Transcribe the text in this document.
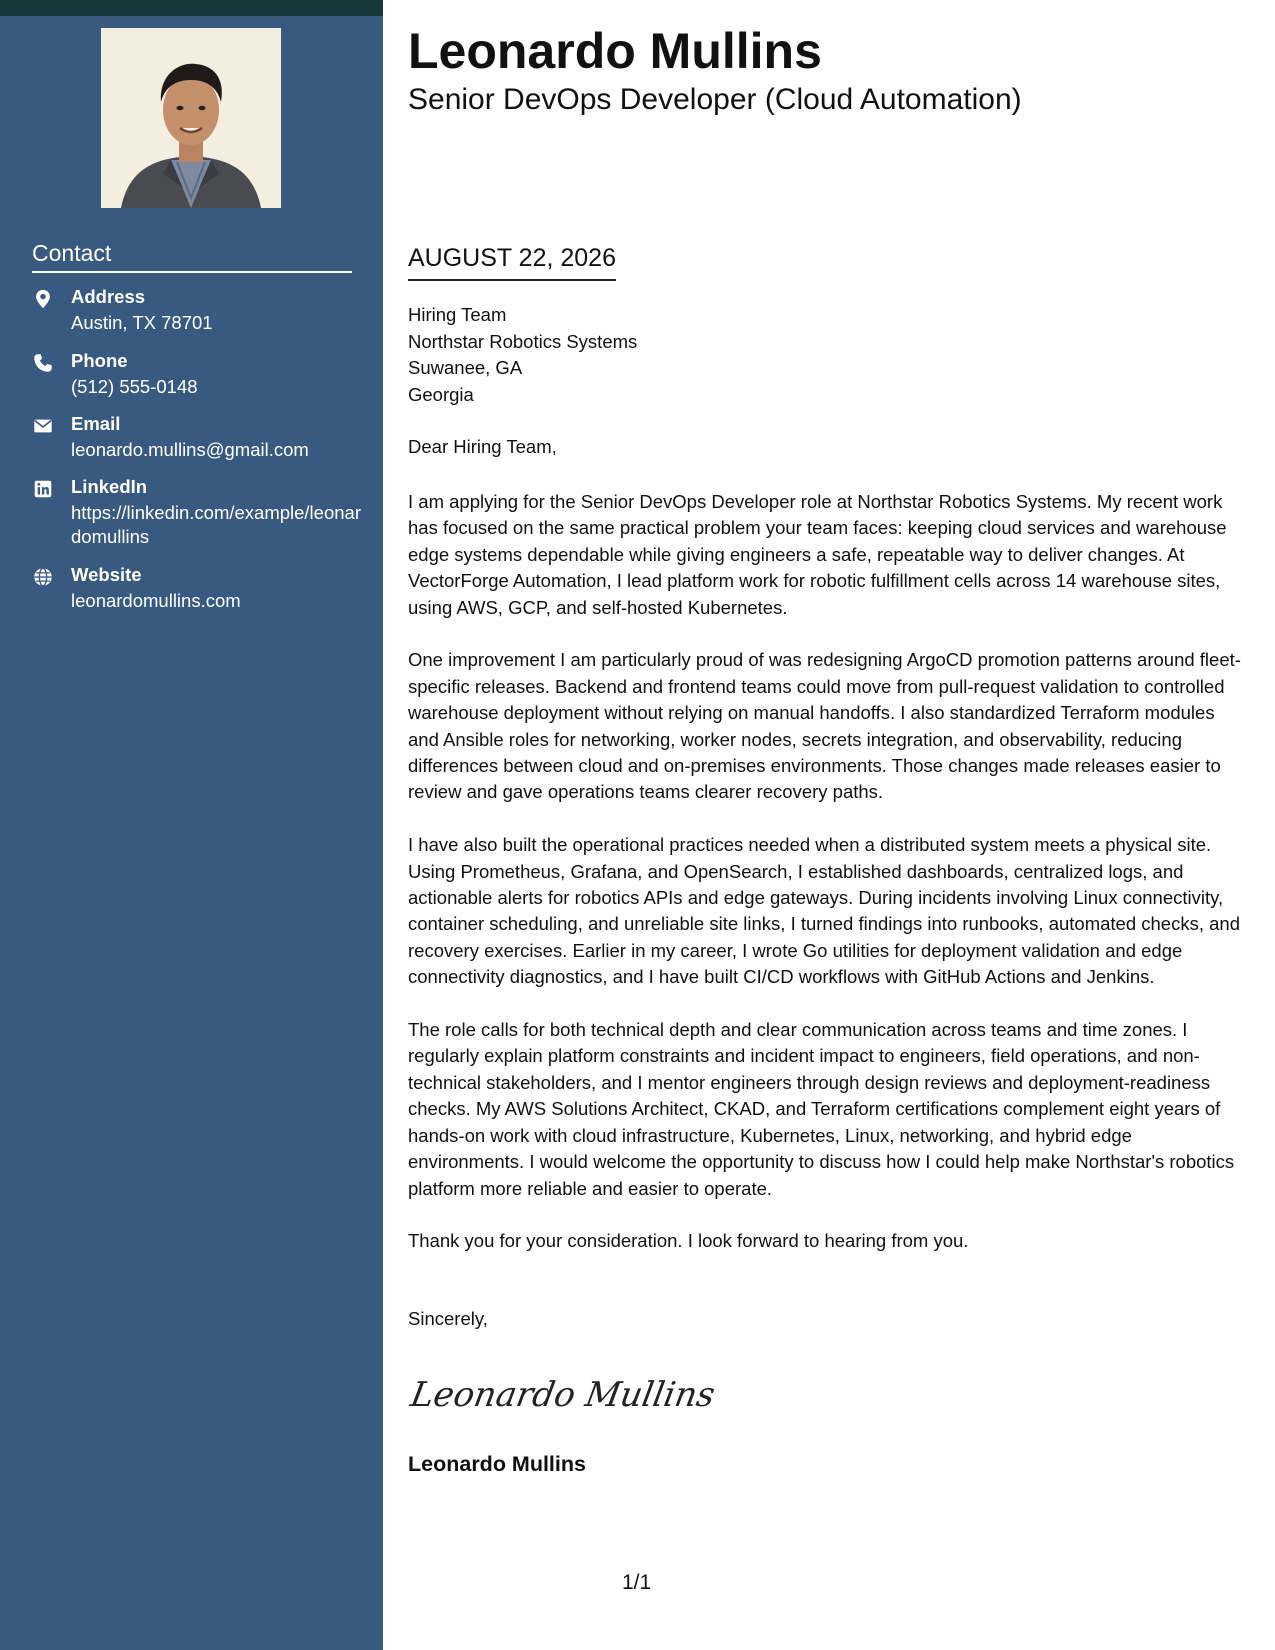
Contact
Address
Austin, TX 78701
Phone
(512) 555-0148
Email
leonardo.mullins@gmail.com
LinkedIn
https://linkedin.com/example/leonardomullins
Website
leonardomullins.com
Leonardo Mullins
Senior DevOps Developer (Cloud Automation)
AUGUST 22, 2026
Hiring Team
Northstar Robotics Systems
Suwanee, GA
Georgia
Dear Hiring Team,

I am applying for the Senior DevOps Developer role at Northstar Robotics Systems. My recent work has focused on the same practical problem your team faces: keeping cloud services and warehouse edge systems dependable while giving engineers a safe, repeatable way to deliver changes. At VectorForge Automation, I lead platform work for robotic fulfillment cells across 14 warehouse sites, using AWS, GCP, and self-hosted Kubernetes.

One improvement I am particularly proud of was redesigning ArgoCD promotion patterns around fleet-specific releases. Backend and frontend teams could move from pull-request validation to controlled warehouse deployment without relying on manual handoffs. I also standardized Terraform modules and Ansible roles for networking, worker nodes, secrets integration, and observability, reducing differences between cloud and on-premises environments. Those changes made releases easier to review and gave operations teams clearer recovery paths.

I have also built the operational practices needed when a distributed system meets a physical site. Using Prometheus, Grafana, and OpenSearch, I established dashboards, centralized logs, and actionable alerts for robotics APIs and edge gateways. During incidents involving Linux connectivity, container scheduling, and unreliable site links, I turned findings into runbooks, automated checks, and recovery exercises. Earlier in my career, I wrote Go utilities for deployment validation and edge connectivity diagnostics, and I have built CI/CD workflows with GitHub Actions and Jenkins.

The role calls for both technical depth and clear communication across teams and time zones. I regularly explain platform constraints and incident impact to engineers, field operations, and non-technical stakeholders, and I mentor engineers through design reviews and deployment-readiness checks. My AWS Solutions Architect, CKAD, and Terraform certifications complement eight years of hands-on work with cloud infrastructure, Kubernetes, Linux, networking, and hybrid edge environments. I would welcome the opportunity to discuss how I could help make Northstar's robotics platform more reliable and easier to operate.

Thank you for your consideration. I look forward to hearing from you.

Sincerely,
Leonardo Mullins
Leonardo Mullins
1/1
